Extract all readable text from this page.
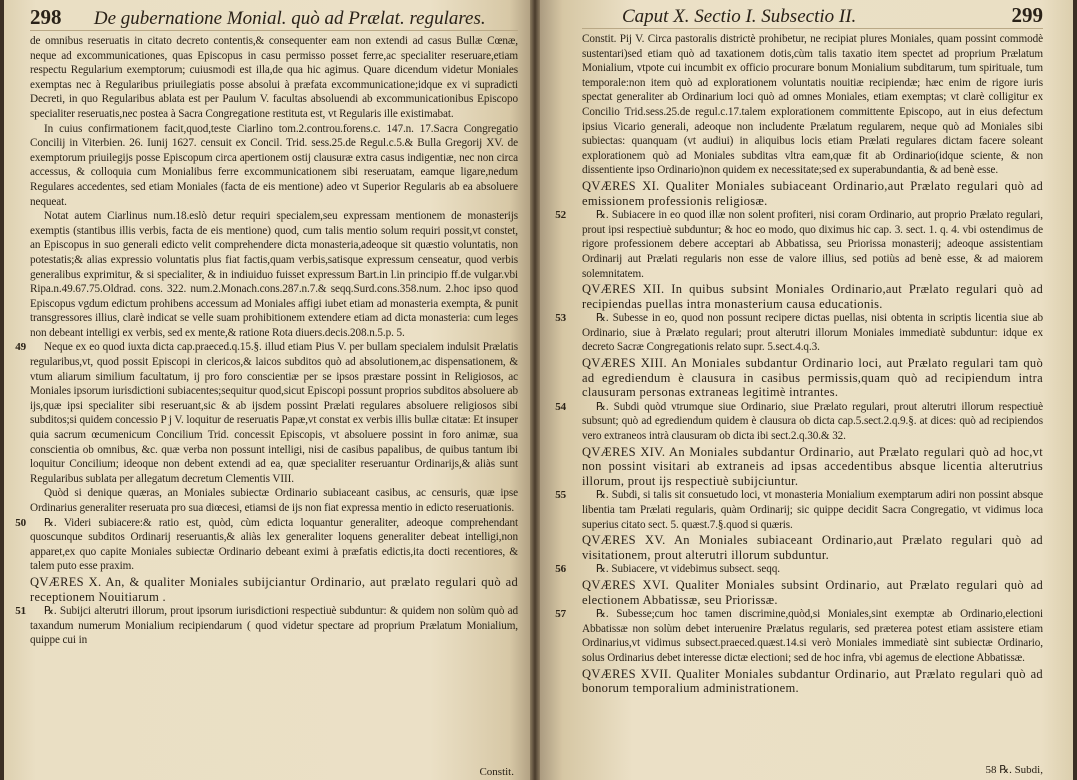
298	De gubernatione Monial. quò ad Prælat. regulares.

de omnibus reseruatis in citato decreto contentis,& consequenter eam non extendi ad casus Bullæ Cœnæ, neque ad excommunicationes, quas Episcopus in casu permisso posset ferre,ac specialiter reseruare,etiam respectu Regularium exemptorum; cuiusmodi est illa,de qua hic agimus. Quare dicendum videtur Moniales exemptas nec à Regularibus priuilegiatis posse absolui à præfata excommunicatione;idque ex vi supradicti Decreti, in quo Regularibus ablata est per Paulum V. facultas absoluendi ab excommunicationibus Episcopo specialiter reseruatis,nec postea à Sacra Congregatione restituta est, vt Regularis ille existimabat.

In cuius confirmationem facit,quod,teste Ciarlino tom.2.controu.forens.c. 147.n. 17.Sacra Congregatio Concilij in Viterbien. 26. Iunij 1627. censuit ex Concil. Trid. sess.25.de Regul.c.5.& Bulla Gregorij XV. de exemptorum priuilegijs posse Episcopum circa apertionem ostij clausuræ extra casus indigentiæ, nec non circa accessus, & colloquia cum Monialibus ferre excommunicationem sibi reseruatam, eamque ligare,nedum Regulares accedentes, sed etiam Moniales (facta de eis mentione) adeo vt Superior Regularis ab ea absoluere nequeat.

Notat autem Ciarlinus num.18.eslò detur requiri specialem,seu expressam mentionem de monasterijs exemptis (stantibus illis verbis, facta de eis mentione) quod, cum talis mentio solum requiri possit,vt constet, an Episcopus in suo generali edicto velit comprehendere dicta monasteria,adeoque sit quæstio voluntatis, non potestatis;& alias expressio voluntatis plus fiat factis,quam verbis,satisque expressum censeatur, quod verbis generalibus exprimitur, & si specialiter, & in indiuiduo fuisset expressum Bart.in l.in principio ff.de vulgar.vbi Ripa.n.49.67.75.Oldrad. cons. 322. num.2.Monach.cons.287.n.7.& seqq.Surd.cons.358.num. 2.hoc ipso quod Episcopus vgdum edictum prohibens accessum ad Moniales affigi iubet etiam ad monasteria exempta, & punit transgressores illius, clarè indicat se velle suam prohibitionem extendere etiam ad dicta monasteria: cum leges non debeant intelligi ex verbis, sed ex mente,& ratione Rota diuers.decis.208.n.5.p. 5.

49 Neque ex eo quod iuxta dicta cap.praeced.q.15.§. illud etiam Pius V. per bullam specialem indulsit Prælatis regularibus,vt, quod possit Episcopi in clericos,& laicos subditos quò ad absolutionem,ac dispensationem, & vtum aliarum similium facultatum, ij pro foro conscientiæ per se ipsos præstare possint in Religiosos, ac Moniales ipsorum iurisdictioni subiacentes;sequitur quod,sicut Episcopi possunt proprios subditos absoluere ab ijs,quæ ipsi specialiter sibi reseruant,sic & ab ijsdem possint Prælati regulares absoluere religiosos sibi subditos;si quidem concessio P j V. loquitur de reseruatis Papæ,vt constat ex verbis illis bullæ citatæ: Et insuper quia sacrum œcumenicum Concilium Trid. concessit Episcopis, vt absoluere possint in foro animæ, sua conscientia ob omnibus, &c. quæ verba non possunt intelligi, nisi de casibus papalibus, de quibus tantum ibi loquitur Concilium; ideoque non debent extendi ad ea, quæ specialiter reseruantur Ordinarijs,& aliàs sunt Regularibus sublata per allegatum decretum Clementis VIII.

Quòd si denique quæras, an Moniales subiectæ Ordinario subiaceant casibus, ac censuris, quæ ipse Ordinarius generaliter reseruata pro sua diœcesi, etiamsi de ijs non fiat expressa mentio in edicto reseruationis.

50 ℞. Videri subiacere:& ratio est, quòd, cùm edicta loquantur generaliter, adeoque comprehendant quoscunque subditos Ordinarij reseruantis,& aliàs lex generaliter loquens generaliter debeat intelligi,non apparet,ex quo capite Moniales subiectæ Ordinario debeant eximi à præfatis edictis,ita docti recentiores, & talem puto esse praxim.

QVÆRES X. An, & qualiter Moniales subijciantur Ordinario, aut prælato regulari quò ad receptionem Nouitiarum .

51 ℞. Subijci alterutri illorum, prout ipsorum iurisdictioni respectiuè subduntur: & quidem non solùm quò ad taxandum numerum Monialium recipiendarum ( quod videtur spectare ad proprium Prælatum Monialium, quippe cui in

Constit.
Caput X. Sectio I. Subsectio II.	299

Constit. Pij V. Circa pastoralis districtè prohibetur, ne recipiat plures Moniales, quam possint commodè sustentari)sed etiam quò ad taxationem dotis,cùm talis taxatio item spectet ad proprium Prælatum Monialium, vtpote cui incumbit ex officio procurare bonum Monialium subditarum, tum spirituale, tum temporale:non item quò ad explorationem voluntatis nouitiæ recipiendæ; hæc enim de rigore iuris spectat generaliter ab Ordinarium loci quò ad omnes Moniales, etiam exemptas; vt clarè colligitur ex Concilio Trid.sess.25.de regul.c.17.talem explorationem committente Episcopo, aut in eius defectum ipsius Vicario generali, adeoque non includente Prælatum regularem, neque quò ad Moniales sibi subiectas: quanquam (vt audiui) in aliquibus locis etiam Prælati regulares dictam facere soleant explorationem quò ad Moniales subditas vltra eam,quæ fit ab Ordinario(idque sciente, & non dissentiente ipso Ordinario)non quidem ex necessitate;sed ex superabundantia, & ad benè esse.

QVÆRES XI. Qualiter Moniales subiaceant Ordinario,aut Prælato regulari quò ad emissionem professionis religiosæ.

52	℞. Subiacere in eo quod illæ non solent profiteri, nisi coram Ordinario, aut proprio Prælato regulari, prout ipsi respectiuè subduntur; & hoc eo modo, quo diximus hic cap. 3. sect. 1. q. 4. vbi ostendimus de rigore professionem debere acceptari ab Abbatissa, seu Priorissa monasterij; adeoque assistentiam Ordinarij aut Prælati regularis non esse de valore illius, sed potiùs ad benè esse, & ad maiorem solemnitatem.

QVÆRES XII. In quibus subsint Moniales Ordinario,aut Prælato regulari quò ad recipiendas puellas intra monasterium causa educationis.

53	℞. Subesse in eo, quod non possunt recipere dictas puellas, nisi obtenta in scriptis licentia siue ab Ordinario, siue à Prælato regulari; prout alterutri illorum Moniales immediatè subduntur: idque ex decreto Sacræ Congregationis relato supr. 5.sect.4.q.3.

QVÆRES XIII. An Moniales subdantur Ordinario loci, aut Prælato regulari tam quò ad egrediendum è clausura in casibus permissis,quam quò ad recipiendum intra clausuram personas extraneas legitimè intrantes.

54	℞. Subdi quòd vtrumque siue Ordinario, siue Prælato regulari, prout alterutri illorum respectiuè subsunt; quò ad egrediendum quidem è clausura ob dicta cap.5.sect.2.q.9.§. at dices: quò ad recipiendos vero extraneos intrà clausuram ob dicta ibi sect.2.q.30.& 32.

QVÆRES XIV. An Moniales subdantur Ordinario, aut Prælato regulari quò ad hoc,vt non possint visitari ab extraneis ad ipsas accedentibus absque licentia alterutrius illorum, prout ijs respectiuè subijciuntur.

55	℞. Subdi, si talis sit consuetudo loci, vt monasteria Monialium exemptarum adiri non possint absque libentia tam Prælati regularis, quàm Ordinarij; sic quippe decidit Sacra Congregatio, vt vidimus loca superius citato sect. 5. quæst.7.§.quod si quæris.

QVÆRES XV. An Moniales subiaceant Ordinario,aut Prælato regulari quò ad visitationem, prout alterutri illorum subduntur.

56	℞. Subiacere, vt videbimus subsect. seqq.

QVÆRES XVI. Qualiter Moniales subsint Ordinario, aut Prælato regulari quò ad electionem Abbatissæ, seu Priorissæ.

57	℞. Subesse;cum hoc tamen discrimine,quòd,si Moniales,sint exemptæ ab Ordinario,electioni Abbatissæ non solùm debet interuenire Prælatus regularis, sed præterea potest etiam assistere etiam Ordinarius,vt vidimus subsect.praeced.quæst.14.si verò Moniales immediatè sint subiectæ Ordinario, solus Ordinarius debet interesse dictæ electioni; sed de hoc infra, vbi agemus de electione Abbatissæ.

QVÆRES XVII. Qualiter Moniales subdantur Ordinario, aut Prælato regulari quò ad bonorum temporalium administrationem.

58 ℞. Subdi,
